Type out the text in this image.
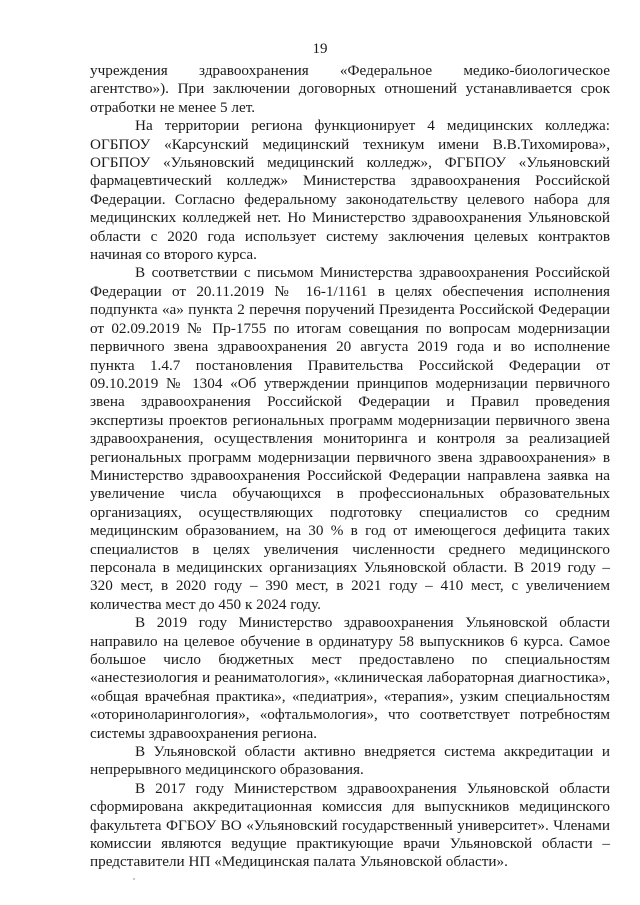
19

учреждения здравоохранения «Федеральное медико-биологическое агентство»). При заключении договорных отношений устанавливается срок отработки не менее 5 лет.

На территории региона функционирует 4 медицинских колледжа: ОГБПОУ «Карсунский медицинский техникум имени В.В.Тихомирова», ОГБПОУ «Ульяновский медицинский колледж», ФГБПОУ «Ульяновский фармацевтический колледж» Министерства здравоохранения Российской Федерации. Согласно федеральному законодательству целевого набора для медицинских колледжей нет. Но Министерство здравоохранения Ульяновской области с 2020 года использует систему заключения целевых контрактов начиная со второго курса.

В соответствии с письмом Министерства здравоохранения Российской Федерации от 20.11.2019 № 16-1/1161 в целях обеспечения исполнения подпункта «а» пункта 2 перечня поручений Президента Российской Федерации от 02.09.2019 № Пр-1755 по итогам совещания по вопросам модернизации первичного звена здравоохранения 20 августа 2019 года и во исполнение пункта 1.4.7 постановления Правительства Российской Федерации от 09.10.2019 № 1304 «Об утверждении принципов модернизации первичного звена здравоохранения Российской Федерации и Правил проведения экспертизы проектов региональных программ модернизации первичного звена здравоохранения, осуществления мониторинга и контроля за реализацией региональных программ модернизации первичного звена здравоохранения» в Министерство здравоохранения Российской Федерации направлена заявка на увеличение числа обучающихся в профессиональных образовательных организациях, осуществляющих подготовку специалистов со средним медицинским образованием, на 30 % в год от имеющегося дефицита таких специалистов в целях увеличения численности среднего медицинского персонала в медицинских организациях Ульяновской области. В 2019 году – 320 мест, в 2020 году – 390 мест, в 2021 году – 410 мест, с увеличением количества мест до 450 к 2024 году.

В 2019 году Министерство здравоохранения Ульяновской области направило на целевое обучение в ординатуру 58 выпускников 6 курса. Самое большое число бюджетных мест предоставлено по специальностям «анестезиология и реаниматология», «клиническая лабораторная диагностика», «общая врачебная практика», «педиатрия», «терапия», узким специальностям «оториноларингология», «офтальмология», что соответствует потребностям системы здравоохранения региона.

В Ульяновской области активно внедряется система аккредитации и непрерывного медицинского образования.

В 2017 году Министерством здравоохранения Ульяновской области сформирована аккредитационная комиссия для выпускников медицинского факультета ФГБОУ ВО «Ульяновский государственный университет». Членами комиссии являются ведущие практикующие врачи Ульяновской области – представители НП «Медицинская палата Ульяновской области».
